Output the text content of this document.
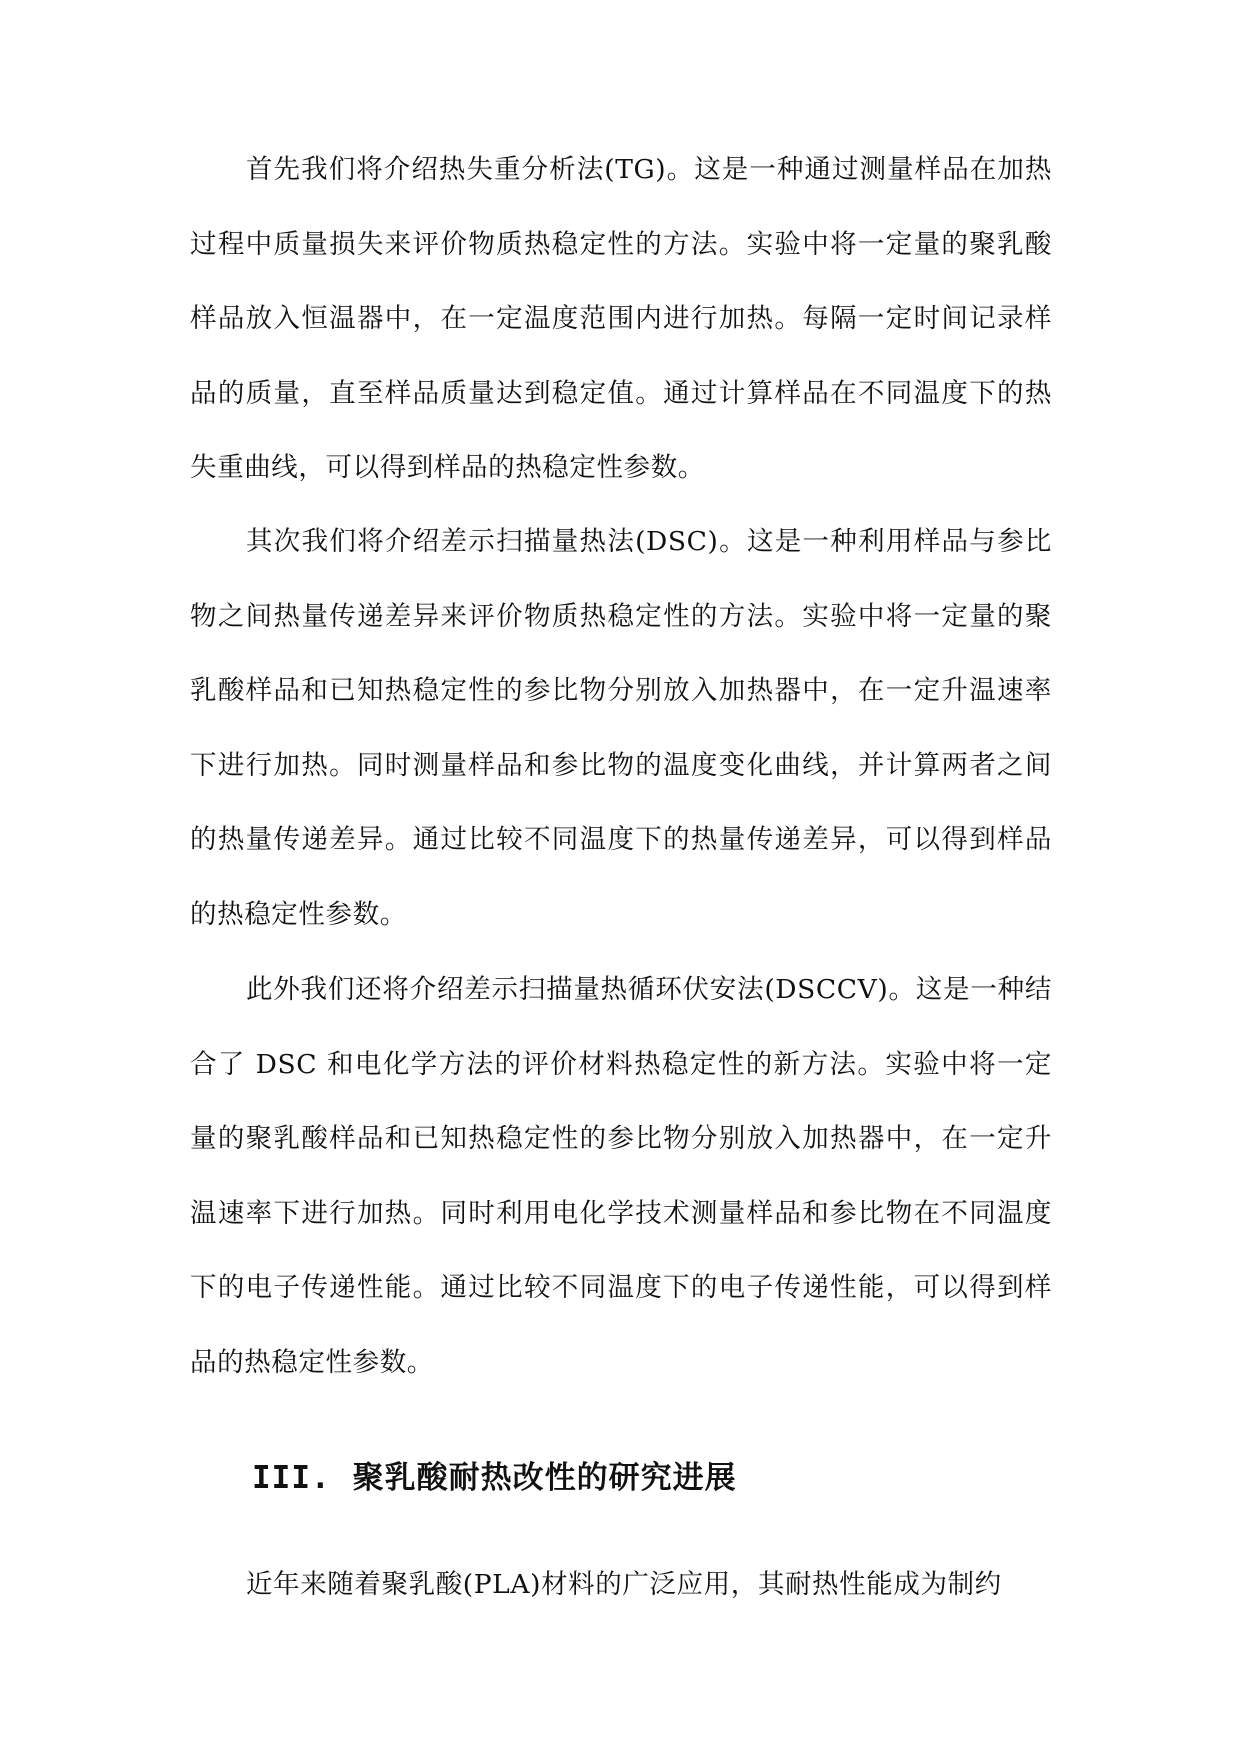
首先我们将介绍热失重分析法(TG)。这是一种通过测量样品在加热过程中质量损失来评价物质热稳定性的方法。实验中将一定量的聚乳酸样品放入恒温器中，在一定温度范围内进行加热。每隔一定时间记录样品的质量，直至样品质量达到稳定值。通过计算样品在不同温度下的热失重曲线，可以得到样品的热稳定性参数。

其次我们将介绍差示扫描量热法(DSC)。这是一种利用样品与参比物之间热量传递差异来评价物质热稳定性的方法。实验中将一定量的聚乳酸样品和已知热稳定性的参比物分别放入加热器中，在一定升温速率下进行加热。同时测量样品和参比物的温度变化曲线，并计算两者之间的热量传递差异。通过比较不同温度下的热量传递差异，可以得到样品的热稳定性参数。

此外我们还将介绍差示扫描量热循环伏安法(DSCCV)。这是一种结合了 DSC 和电化学方法的评价材料热稳定性的新方法。实验中将一定量的聚乳酸样品和已知热稳定性的参比物分别放入加热器中，在一定升温速率下进行加热。同时利用电化学技术测量样品和参比物在不同温度下的电子传递性能。通过比较不同温度下的电子传递性能，可以得到样品的热稳定性参数。

III. 聚乳酸耐热改性的研究进展

近年来随着聚乳酸(PLA)材料的广泛应用，其耐热性能成为制约
